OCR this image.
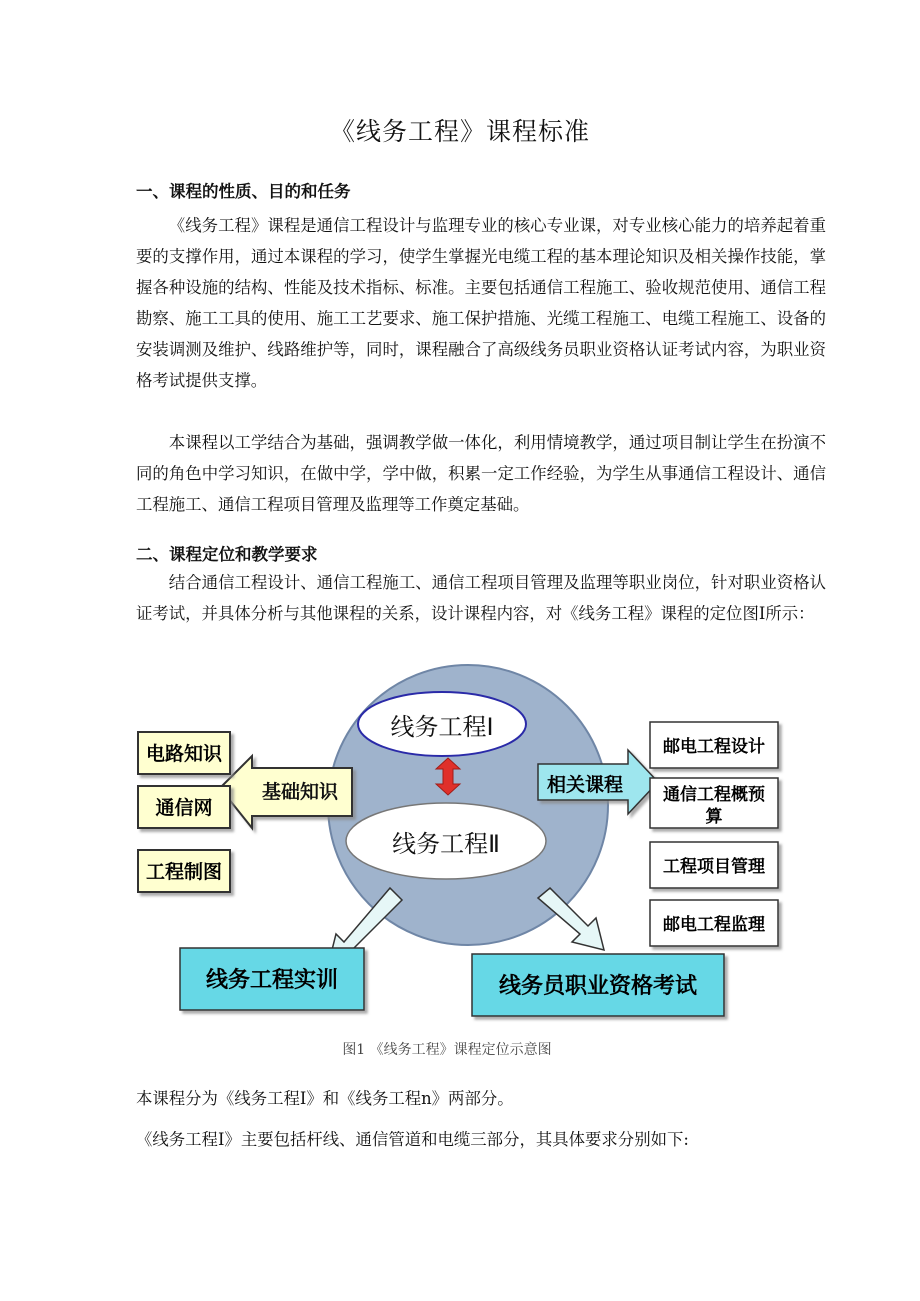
《线务工程》课程标准
一、课程的性质、目的和任务
《线务工程》课程是通信工程设计与监理专业的核心专业课，对专业核心能力的培养起着重要的支撑作用，通过本课程的学习，使学生掌握光电缆工程的基本理论知识及相关操作技能，掌握各种设施的结构、性能及技术指标、标准。主要包括通信工程施工、验收规范使用、通信工程勘察、施工工具的使用、施工工艺要求、施工保护措施、光缆工程施工、电缆工程施工、设备的安装调测及维护、线路维护等，同时，课程融合了高级线务员职业资格认证考试内容，为职业资格考试提供支撑。
本课程以工学结合为基础，强调教学做一体化，利用情境教学，通过项目制让学生在扮演不同的角色中学习知识，在做中学，学中做，积累一定工作经验，为学生从事通信工程设计、通信工程施工、通信工程项目管理及监理等工作奠定基础。
二、课程定位和教学要求
结合通信工程设计、通信工程施工、通信工程项目管理及监理等职业岗位，针对职业资格认证考试，并具体分析与其他课程的关系，设计课程内容，对《线务工程》课程的定位图Ⅰ所示：
线务工程Ⅰ
线务工程Ⅱ
基础知识
电路知识
通信网
工程制图
相关课程
邮电工程设计
通信工程概预
算
工程项目管理
邮电工程监理
线务工程实训	线务员职业资格考试
图1 《线务工程》课程定位示意图
本课程分为《线务工程Ⅰ》和《线务工程n》两部分。
《线务工程Ⅰ》主要包括杆线、通信管道和电缆三部分，其具体要求分别如下:
